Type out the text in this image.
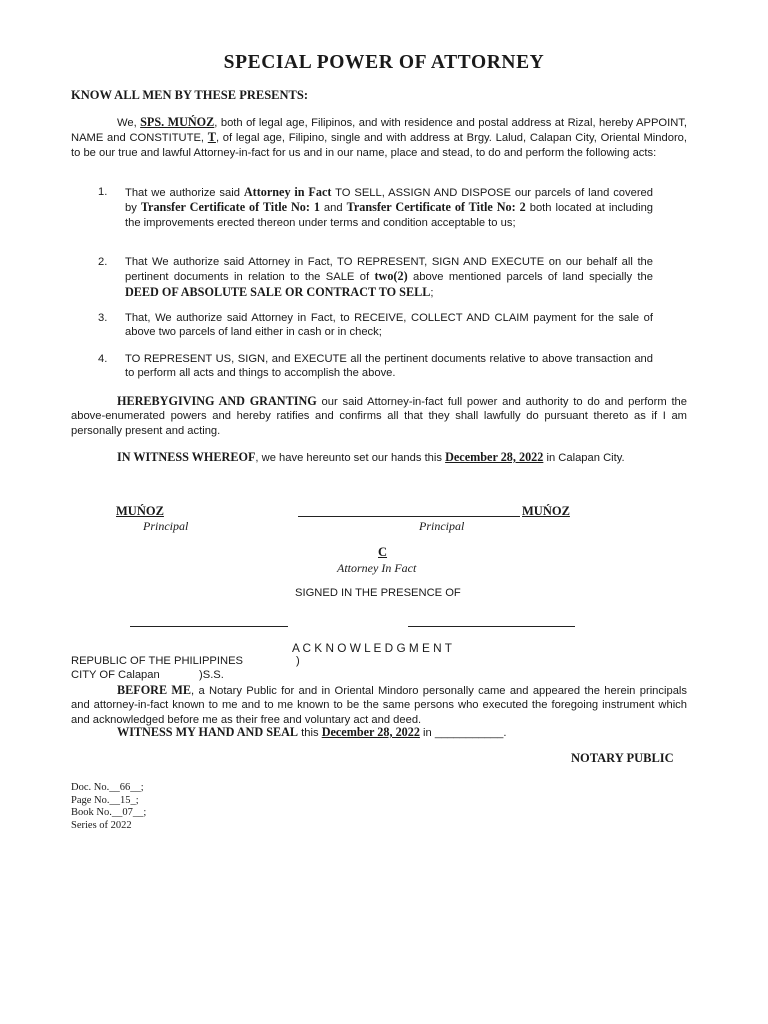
SPECIAL POWER OF ATTORNEY
KNOW ALL MEN BY THESE PRESENTS:
We, SPS. MUŃOZ, both of legal age, Filipinos, and with residence and postal address at Rizal, hereby APPOINT, NAME and CONSTITUTE, T, of legal age, Filipino, single and with address at Brgy. Lalud, Calapan City, Oriental Mindoro, to be our true and lawful Attorney-in-fact for us and in our name, place and stead, to do and perform the following acts:
1. That we authorize said Attorney in Fact TO SELL, ASSIGN AND DISPOSE our parcels of land covered by Transfer Certificate of Title No: 1 and Transfer Certificate of Title No: 2 both located at including the improvements erected thereon under terms and condition acceptable to us;
2. That We authorize said Attorney in Fact, TO REPRESENT, SIGN AND EXECUTE on our behalf all the pertinent documents in relation to the SALE of two(2) above mentioned parcels of land specially the DEED OF ABSOLUTE SALE OR CONTRACT TO SELL;
3. That, We authorize said Attorney in Fact, to RECEIVE, COLLECT AND CLAIM payment for the sale of above two parcels of land either in cash or in check;
4. TO REPRESENT US, SIGN, and EXECUTE all the pertinent documents relative to above transaction and to perform all acts and things to accomplish the above.
HEREBYGIVING AND GRANTING our said Attorney-in-fact full power and authority to do and perform the above-enumerated powers and hereby ratifies and confirms all that they shall lawfully do pursuant thereto as if I am personally present and acting.
IN WITNESS WHEREOF, we have hereunto set our hands this December 28, 2022 in Calapan City.
MUŃOZ
Principal
MUŃOZ
Principal
C
Attorney In Fact
SIGNED IN THE PRESENCE OF
A C K N O W L E D G M E N T
REPUBLIC OF THE PHILIPPINES	)
CITY OF Calapan	)S.S.
BEFORE ME, a Notary Public for and in Oriental Mindoro personally came and appeared the herein principals and attorney-in-fact known to me and to me known to be the same persons who executed the foregoing instrument which and acknowledged before me as their free and voluntary act and deed.
WITNESS MY HAND AND SEAL this December 28, 2022 in ___________.
NOTARY PUBLIC
Doc. No.__66__;
Page No.__15_;
Book No.__07__;
Series of 2022
